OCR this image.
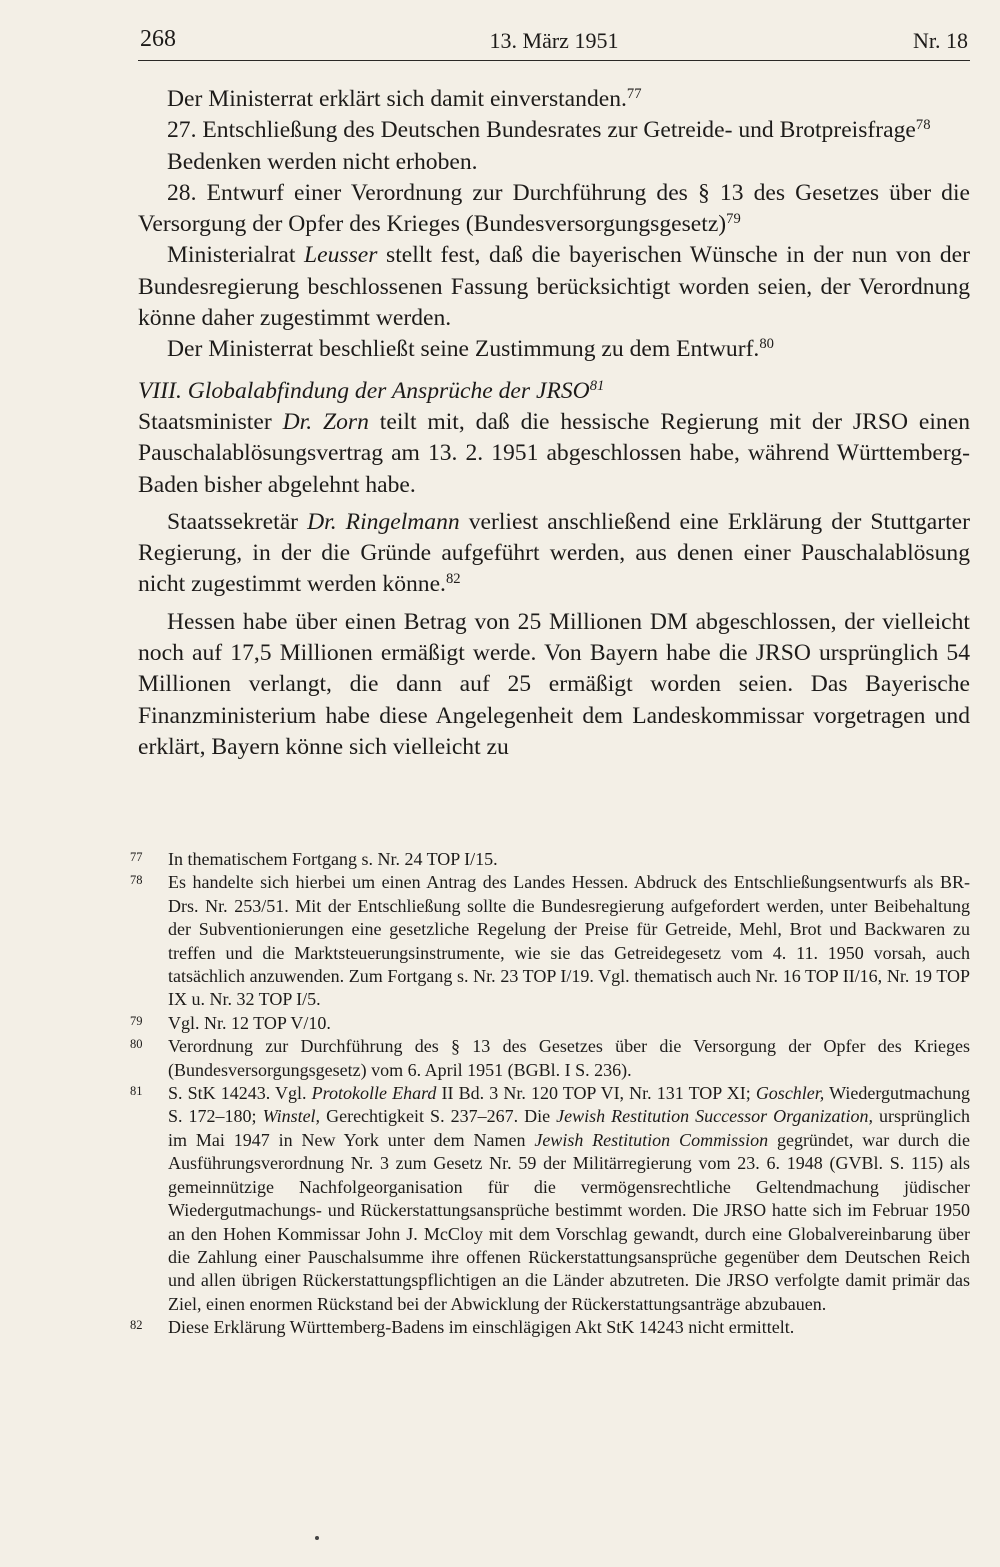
268	13. März 1951	Nr. 18

Der Ministerrat erklärt sich damit einverstanden.$^{77}$

27. Entschließung des Deutschen Bundesrates zur Getreide- und Brotpreisfrage$^{78}$

Bedenken werden nicht erhoben.

28. Entwurf einer Verordnung zur Durchführung des § 13 des Gesetzes über die Versorgung der Opfer des Krieges (Bundesversorgungsgesetz)$^{79}$

Ministerialrat Leusser stellt fest, daß die bayerischen Wünsche in der nun von der Bundesregierung beschlossenen Fassung berücksichtigt worden seien, der Verordnung könne daher zugestimmt werden.

Der Ministerrat beschließt seine Zustimmung zu dem Entwurf.$^{80}$

VIII. Globalabfindung der Ansprüche der JRSO$^{81}$

Staatsminister Dr. Zorn teilt mit, daß die hessische Regierung mit der JRSO einen Pauschalablösungsvertrag am 13. 2. 1951 abgeschlossen habe, während Württemberg-Baden bisher abgelehnt habe.

Staatssekretär Dr. Ringelmann verliest anschließend eine Erklärung der Stuttgarter Regierung, in der die Gründe aufgeführt werden, aus denen einer Pauschalablösung nicht zugestimmt werden könne.$^{82}$

Hessen habe über einen Betrag von 25 Millionen DM abgeschlossen, der vielleicht noch auf 17,5 Millionen ermäßigt werde. Von Bayern habe die JRSO ursprünglich 54 Millionen verlangt, die dann auf 25 ermäßigt worden seien. Das Bayerische Finanzministerium habe diese Angelegenheit dem Landeskommissar vorgetragen und erklärt, Bayern könne sich vielleicht zu

77 In thematischem Fortgang s. Nr. 24 TOP I/15.
78 Es handelte sich hierbei um einen Antrag des Landes Hessen. Abdruck des Entschließungsentwurfs als BR-Drs. Nr. 253/51. Mit der Entschließung sollte die Bundesregierung aufgefordert werden, unter Beibehaltung der Subventionierungen eine gesetzliche Regelung der Preise für Getreide, Mehl, Brot und Backwaren zu treffen und die Marktsteuerungsinstrumente, wie sie das Getreidegesetz vom 4. 11. 1950 vorsah, auch tatsächlich anzuwenden. Zum Fortgang s. Nr. 23 TOP I/19. Vgl. thematisch auch Nr. 16 TOP II/16, Nr. 19 TOP IX u. Nr. 32 TOP I/5.
79 Vgl. Nr. 12 TOP V/10.
80 Verordnung zur Durchführung des § 13 des Gesetzes über die Versorgung der Opfer des Krieges (Bundesversorgungsgesetz) vom 6. April 1951 (BGBl. I S. 236).
81 S. StK 14243. Vgl. Protokolle Ehard II Bd. 3 Nr. 120 TOP VI, Nr. 131 TOP XI; Goschler, Wiedergutmachung S. 172–180; Winstel, Gerechtigkeit S. 237–267. Die Jewish Restitution Successor Organization, ursprünglich im Mai 1947 in New York unter dem Namen Jewish Restitution Commission gegründet, war durch die Ausführungsverordnung Nr. 3 zum Gesetz Nr. 59 der Militärregierung vom 23. 6. 1948 (GVBl. S. 115) als gemeinnützige Nachfolgeorganisation für die vermögensrechtliche Geltendmachung jüdischer Wiedergutmachungs- und Rückerstattungsansprüche bestimmt worden. Die JRSO hatte sich im Februar 1950 an den Hohen Kommissar John J. McCloy mit dem Vorschlag gewandt, durch eine Globalvereinbarung über die Zahlung einer Pauschalsumme ihre offenen Rückerstattungsansprüche gegenüber dem Deutschen Reich und allen übrigen Rückerstattungspflichtigen an die Länder abzutreten. Die JRSO verfolgte damit primär das Ziel, einen enormen Rückstand bei der Abwicklung der Rückerstattungsanträge abzubauen.
82 Diese Erklärung Württemberg-Badens im einschlägigen Akt StK 14243 nicht ermittelt.
